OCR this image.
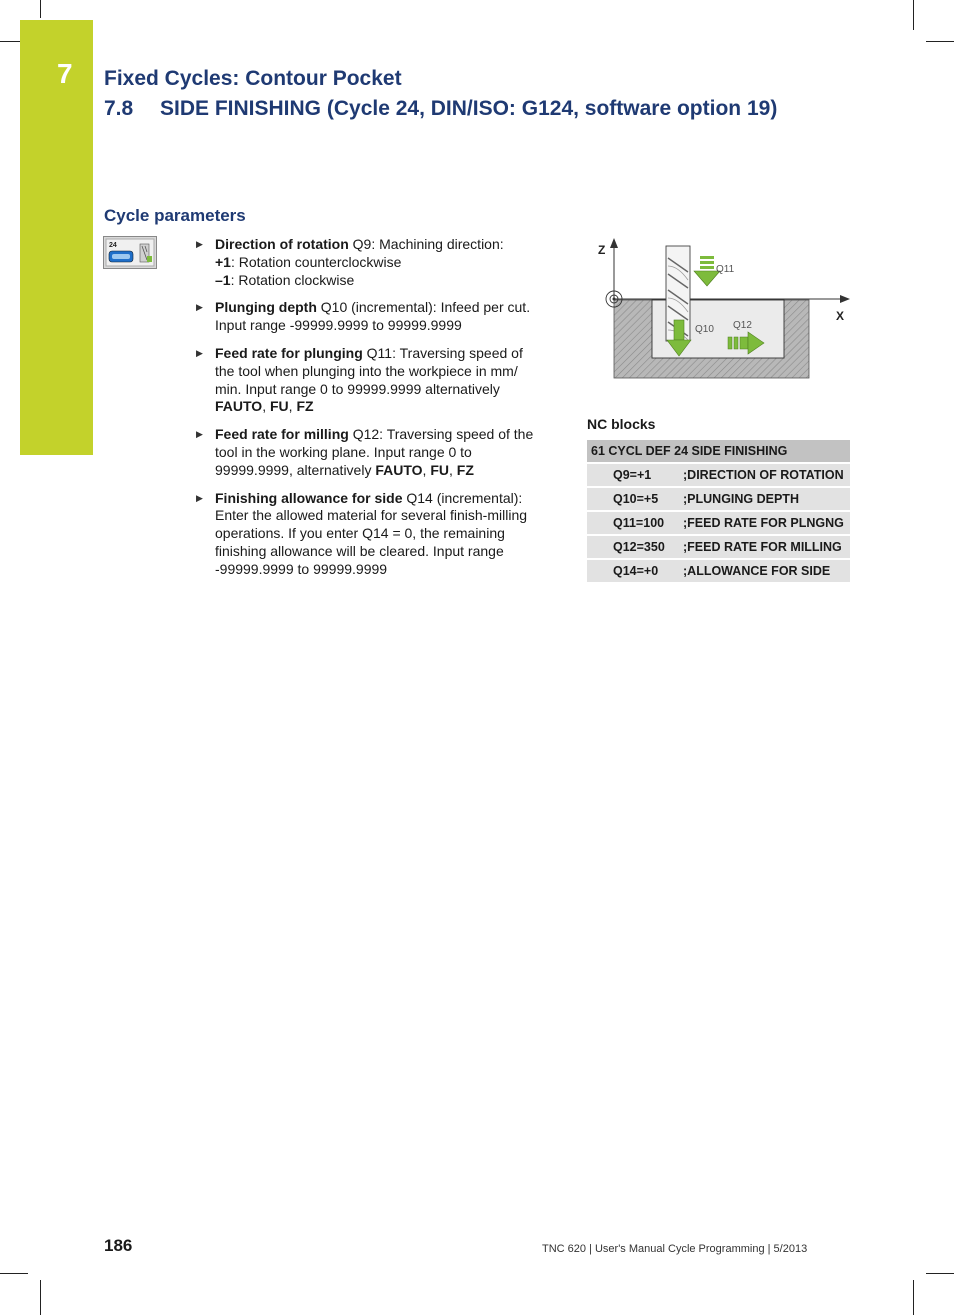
7 Fixed Cycles: Contour Pocket
7.8 SIDE FINISHING (Cycle 24, DIN/ISO: G124, software option 19)
Cycle parameters
24	▶ Direction of rotation Q9: Machining direction:
+1: Rotation counterclockwise
–1: Rotation clockwise
▶ Plunging depth Q10 (incremental): Infeed per cut. Input range -99999.9999 to 99999.9999
▶ Feed rate for plunging Q11: Traversing speed of the tool when plunging into the workpiece in mm/ min. Input range 0 to 99999.9999 alternatively FAUTO, FU, FZ
▶ Feed rate for milling Q12: Traversing speed of the tool in the working plane. Input range 0 to 99999.9999, alternatively FAUTO, FU, FZ
▶ Finishing allowance for side Q14 (incremental): Enter the allowed material for several finish-milling operations. If you enter Q14 = 0, the remaining finishing allowance will be cleared. Input range -99999.9999 to 99999.9999
Z
X
Q11
Q10 Q12
NC blocks
61 CYCL DEF 24 SIDE FINISHING	
Q9=+1	;DIRECTION OF ROTATION
Q10=+5	;PLUNGING DEPTH
Q11=100	;FEED RATE FOR PLNGNG
Q12=350	;FEED RATE FOR MILLING
Q14=+0	;ALLOWANCE FOR SIDE
186	TNC 620 | User's Manual Cycle Programming | 5/2013
